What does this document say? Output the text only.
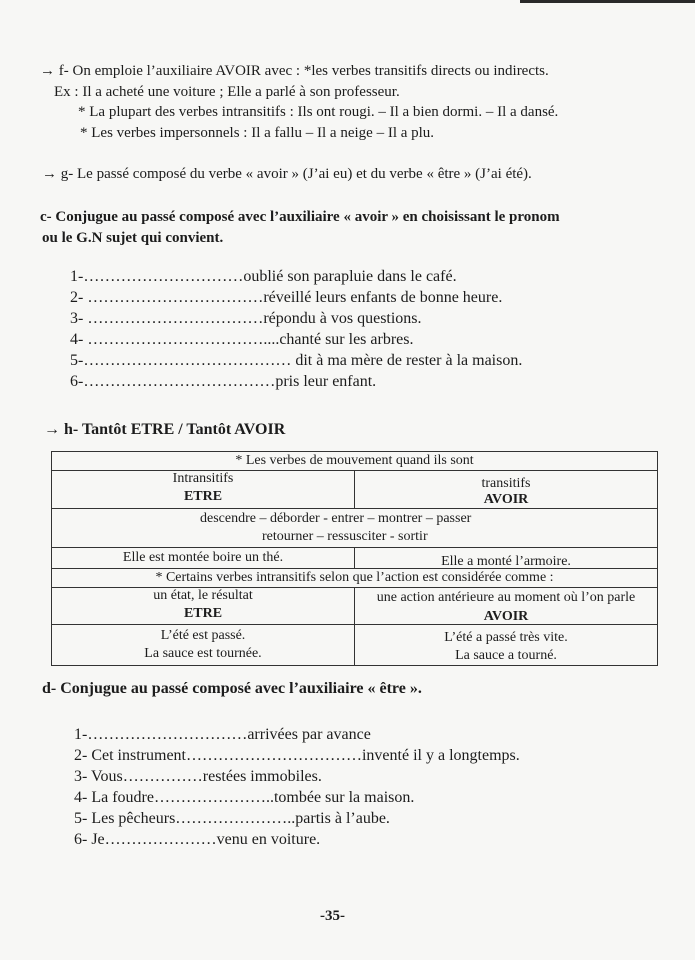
→ f- On emploie l’auxiliaire AVOIR avec : *les verbes transitifs directs ou indirects.
Ex : Il a acheté une voiture ; Elle a parlé à son professeur.
* La plupart des verbes intransitifs : Ils ont rougi. – Il a bien dormi. – Il a dansé.
* Les verbes impersonnels : Il a fallu – Il a neige – Il a plu.
→ g- Le passé composé du verbe « avoir » (J’ai eu) et du verbe « être » (J’ai été).
c- Conjugue au passé composé avec l’auxiliaire « avoir » en choisissant le pronom
ou le G.N sujet qui convient.
1-…………………………oublié son parapluie dans le café.
2- ……………………………réveillé leurs enfants de bonne heure.
3- ……………………………répondu à vos questions.
4- ……………………………....chanté sur les arbres.
5-………………………………… dit à ma mère de rester à la maison.
6-………………………………pris leur enfant.
→ h- Tantôt ETRE / Tantôt AVOIR
* Les verbes de mouvement quand ils sont
Intransitifs
ETRE
transitifs
AVOIR
descendre – déborder - entrer – montrer – passer
retourner – ressusciter - sortir
Elle est montée boire un thé.	Elle a monté l’armoire.
* Certains verbes intransitifs selon que l’action est considérée comme :
un état, le résultat
ETRE
une action antérieure au moment où l’on parle
AVOIR
L’été est passé.
La sauce est tournée.
L’été a passé très vite.
La sauce a tourné.
d- Conjugue au passé composé avec l’auxiliaire « être ».
1-…………………………arrivées par avance
2- Cet instrument……………………………inventé il y a longtemps.
3- Vous……………restées immobiles.
4- La foudre…………………..tombée sur la maison.
5- Les pêcheurs…………………..partis à l’aube.
6- Je…………………venu en voiture.
-35-
